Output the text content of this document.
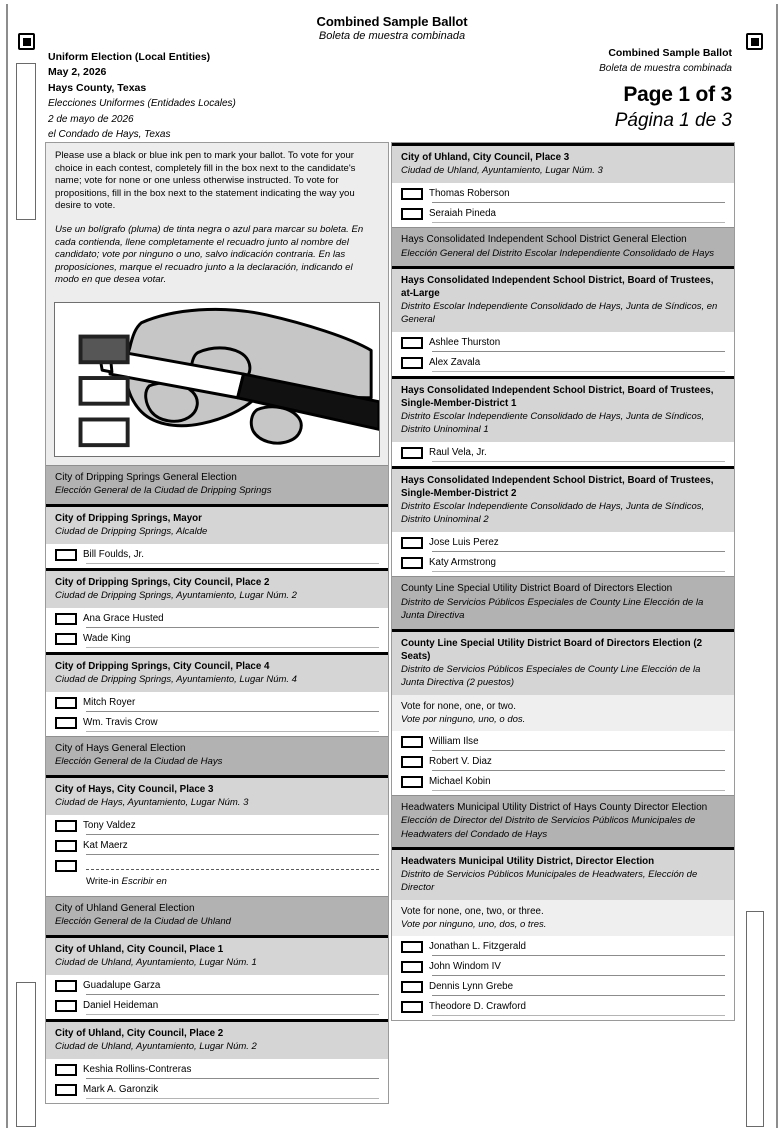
Combined Sample Ballot
Boleta de muestra combinada
Uniform Election (Local Entities)
May 2, 2026
Hays County, Texas
Elecciones Uniformes (Entidades Locales)
2 de mayo de 2026
el Condado de Hays, Texas
Combined Sample Ballot
Boleta de muestra combinada
Page 1 of 3
Página 1 de 3

Please use a black or blue ink pen to mark your ballot. To vote for your choice in each contest, completely fill in the box next to the candidate's name; vote for none or one unless otherwise instructed. To vote for propositions, fill in the box next to the statement indicating the way you desire to vote.

Use un bolígrafo (pluma) de tinta negra o azul para marcar su boleta. En cada contienda, llene completamente el recuadro junto al nombre del candidato; vote por ninguno o uno, salvo indicación contraria. En las proposiciones, marque el recuadro junto a la declaración, indicando el modo en que desea votar.

City of Dripping Springs General Election
Elección General de la Ciudad de Dripping Springs
City of Dripping Springs, Mayor
Ciudad de Dripping Springs, Alcalde
Bill Foulds, Jr.
City of Dripping Springs, City Council, Place 2
Ciudad de Dripping Springs, Ayuntamiento, Lugar Núm. 2
Ana Grace Husted
Wade King
City of Dripping Springs, City Council, Place 4
Ciudad de Dripping Springs, Ayuntamiento, Lugar Núm. 4
Mitch Royer
Wm. Travis Crow
City of Hays General Election
Elección General de la Ciudad de Hays
City of Hays, City Council, Place 3
Ciudad de Hays, Ayuntamiento, Lugar Núm. 3
Tony Valdez
Kat Maerz

Write-in Escribir en
City of Uhland General Election
Elección General de la Ciudad de Uhland
City of Uhland, City Council, Place 1
Ciudad de Uhland, Ayuntamiento, Lugar Núm. 1
Guadalupe Garza
Daniel Heideman
City of Uhland, City Council, Place 2
Ciudad de Uhland, Ayuntamiento, Lugar Núm. 2
Keshia Rollins-Contreras
Mark A. Garonzik
City of Uhland, City Council, Place 3
Ciudad de Uhland, Ayuntamiento, Lugar Núm. 3
Thomas Roberson
Seraiah Pineda
Hays Consolidated Independent School District General Election
Elección General del Distrito Escolar Independiente Consolidado de Hays
Hays Consolidated Independent School District, Board of Trustees, at-Large
Distrito Escolar Independiente Consolidado de Hays, Junta de Síndicos, en General
Ashlee Thurston
Alex Zavala
Hays Consolidated Independent School District, Board of Trustees, Single-Member-District 1
Distrito Escolar Independiente Consolidado de Hays, Junta de Síndicos, Distrito Uninominal 1
Raul Vela, Jr.
Hays Consolidated Independent School District, Board of Trustees, Single-Member-District 2
Distrito Escolar Independiente Consolidado de Hays, Junta de Síndicos, Distrito Uninominal 2
Jose Luis Perez
Katy Armstrong
County Line Special Utility District Board of Directors Election
Distrito de Servicios Públicos Especiales de County Line Elección de la Junta Directiva
County Line Special Utility District Board of Directors Election (2 Seats)
Distrito de Servicios Públicos Especiales de County Line Elección de la Junta Directiva (2 puestos)
Vote for none, one, or two.
Vote por ninguno, uno, o dos.
William Ilse
Robert V. Diaz
Michael Kobin
Headwaters Municipal Utility District of Hays County Director Election
Elección de Director del Distrito de Servicios Públicos Municipales de Headwaters del Condado de Hays
Headwaters Municipal Utility District, Director Election
Distrito de Servicios Públicos Municipales de Headwaters, Elección de Director
Vote for none, one, two, or three.
Vote por ninguno, uno, dos, o tres.
Jonathan L. Fitzgerald
John Windom IV
Dennis Lynn Grebe
Theodore D. Crawford
